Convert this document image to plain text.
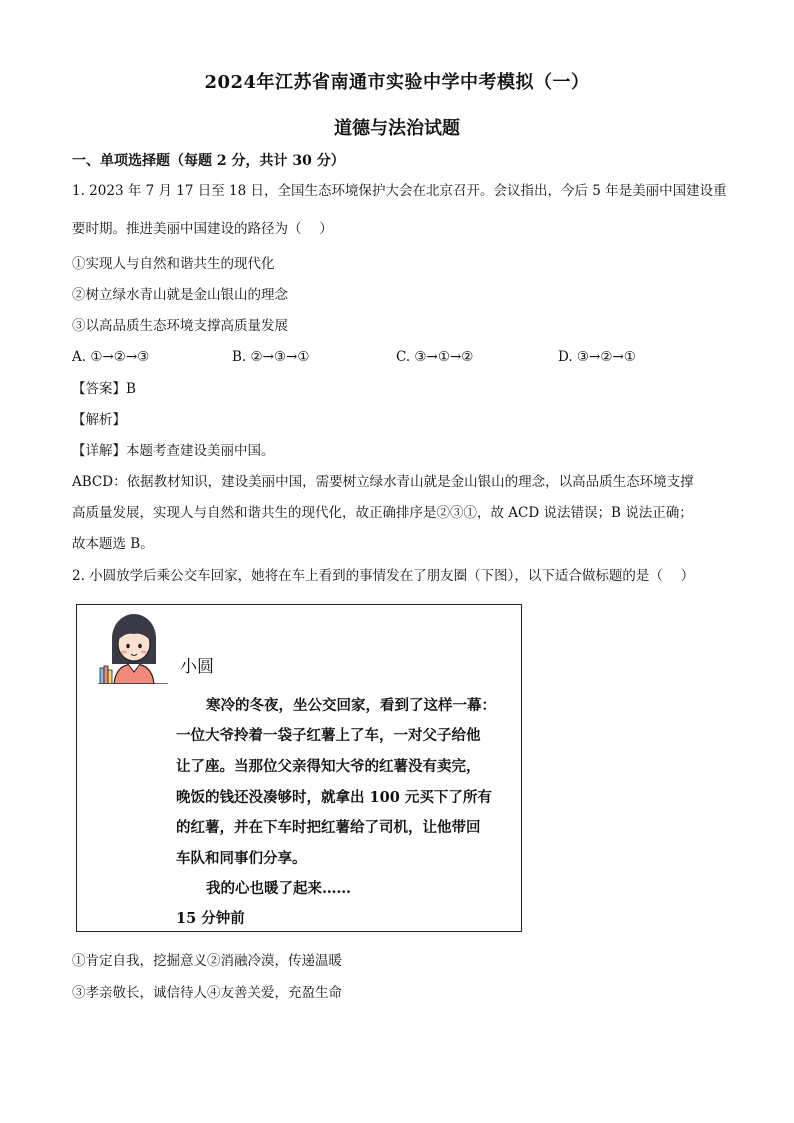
2024年江苏省南通市实验中学中考模拟（一）
道德与法治试题
一、单项选择题（每题 2 分，共计 30 分）
1. 2023 年 7 月 17 日至 18 日，全国生态环境保护大会在北京召开。会议指出，今后 5 年是美丽中国建设重
要时期。推进美丽中国建设的路径为（　 ）
①实现人与自然和谐共生的现代化
②树立绿水青山就是金山银山的理念
③以高品质生态环境支撑高质量发展
A. ①→②→③	B. ②→③→①	C. ③→①→②	D. ③→②→①
【答案】B
【解析】
【详解】本题考查建设美丽中国。
ABCD：依据教材知识，建设美丽中国，需要树立绿水青山就是金山银山的理念，以高品质生态环境支撑
高质量发展，实现人与自然和谐共生的现代化，故正确排序是②③①，故 ACD 说法错误；B 说法正确；
故本题选 B。
2. 小圆放学后乘公交车回家，她将在车上看到的事情发在了朋友圈（下图），以下适合做标题的是（　 ）
小圆
寒冷的冬夜，坐公交回家，看到了这样一幕：
一位大爷拎着一袋子红薯上了车，一对父子给他
让了座。当那位父亲得知大爷的红薯没有卖完，
晚饭的钱还没凑够时，就拿出 100 元买下了所有
的红薯，并在下车时把红薯给了司机，让他带回
车队和同事们分享。
我的心也暖了起来……
15 分钟前
①肯定自我，挖掘意义②消融冷漠，传递温暖
③孝亲敬长，诚信待人④友善关爱，充盈生命
